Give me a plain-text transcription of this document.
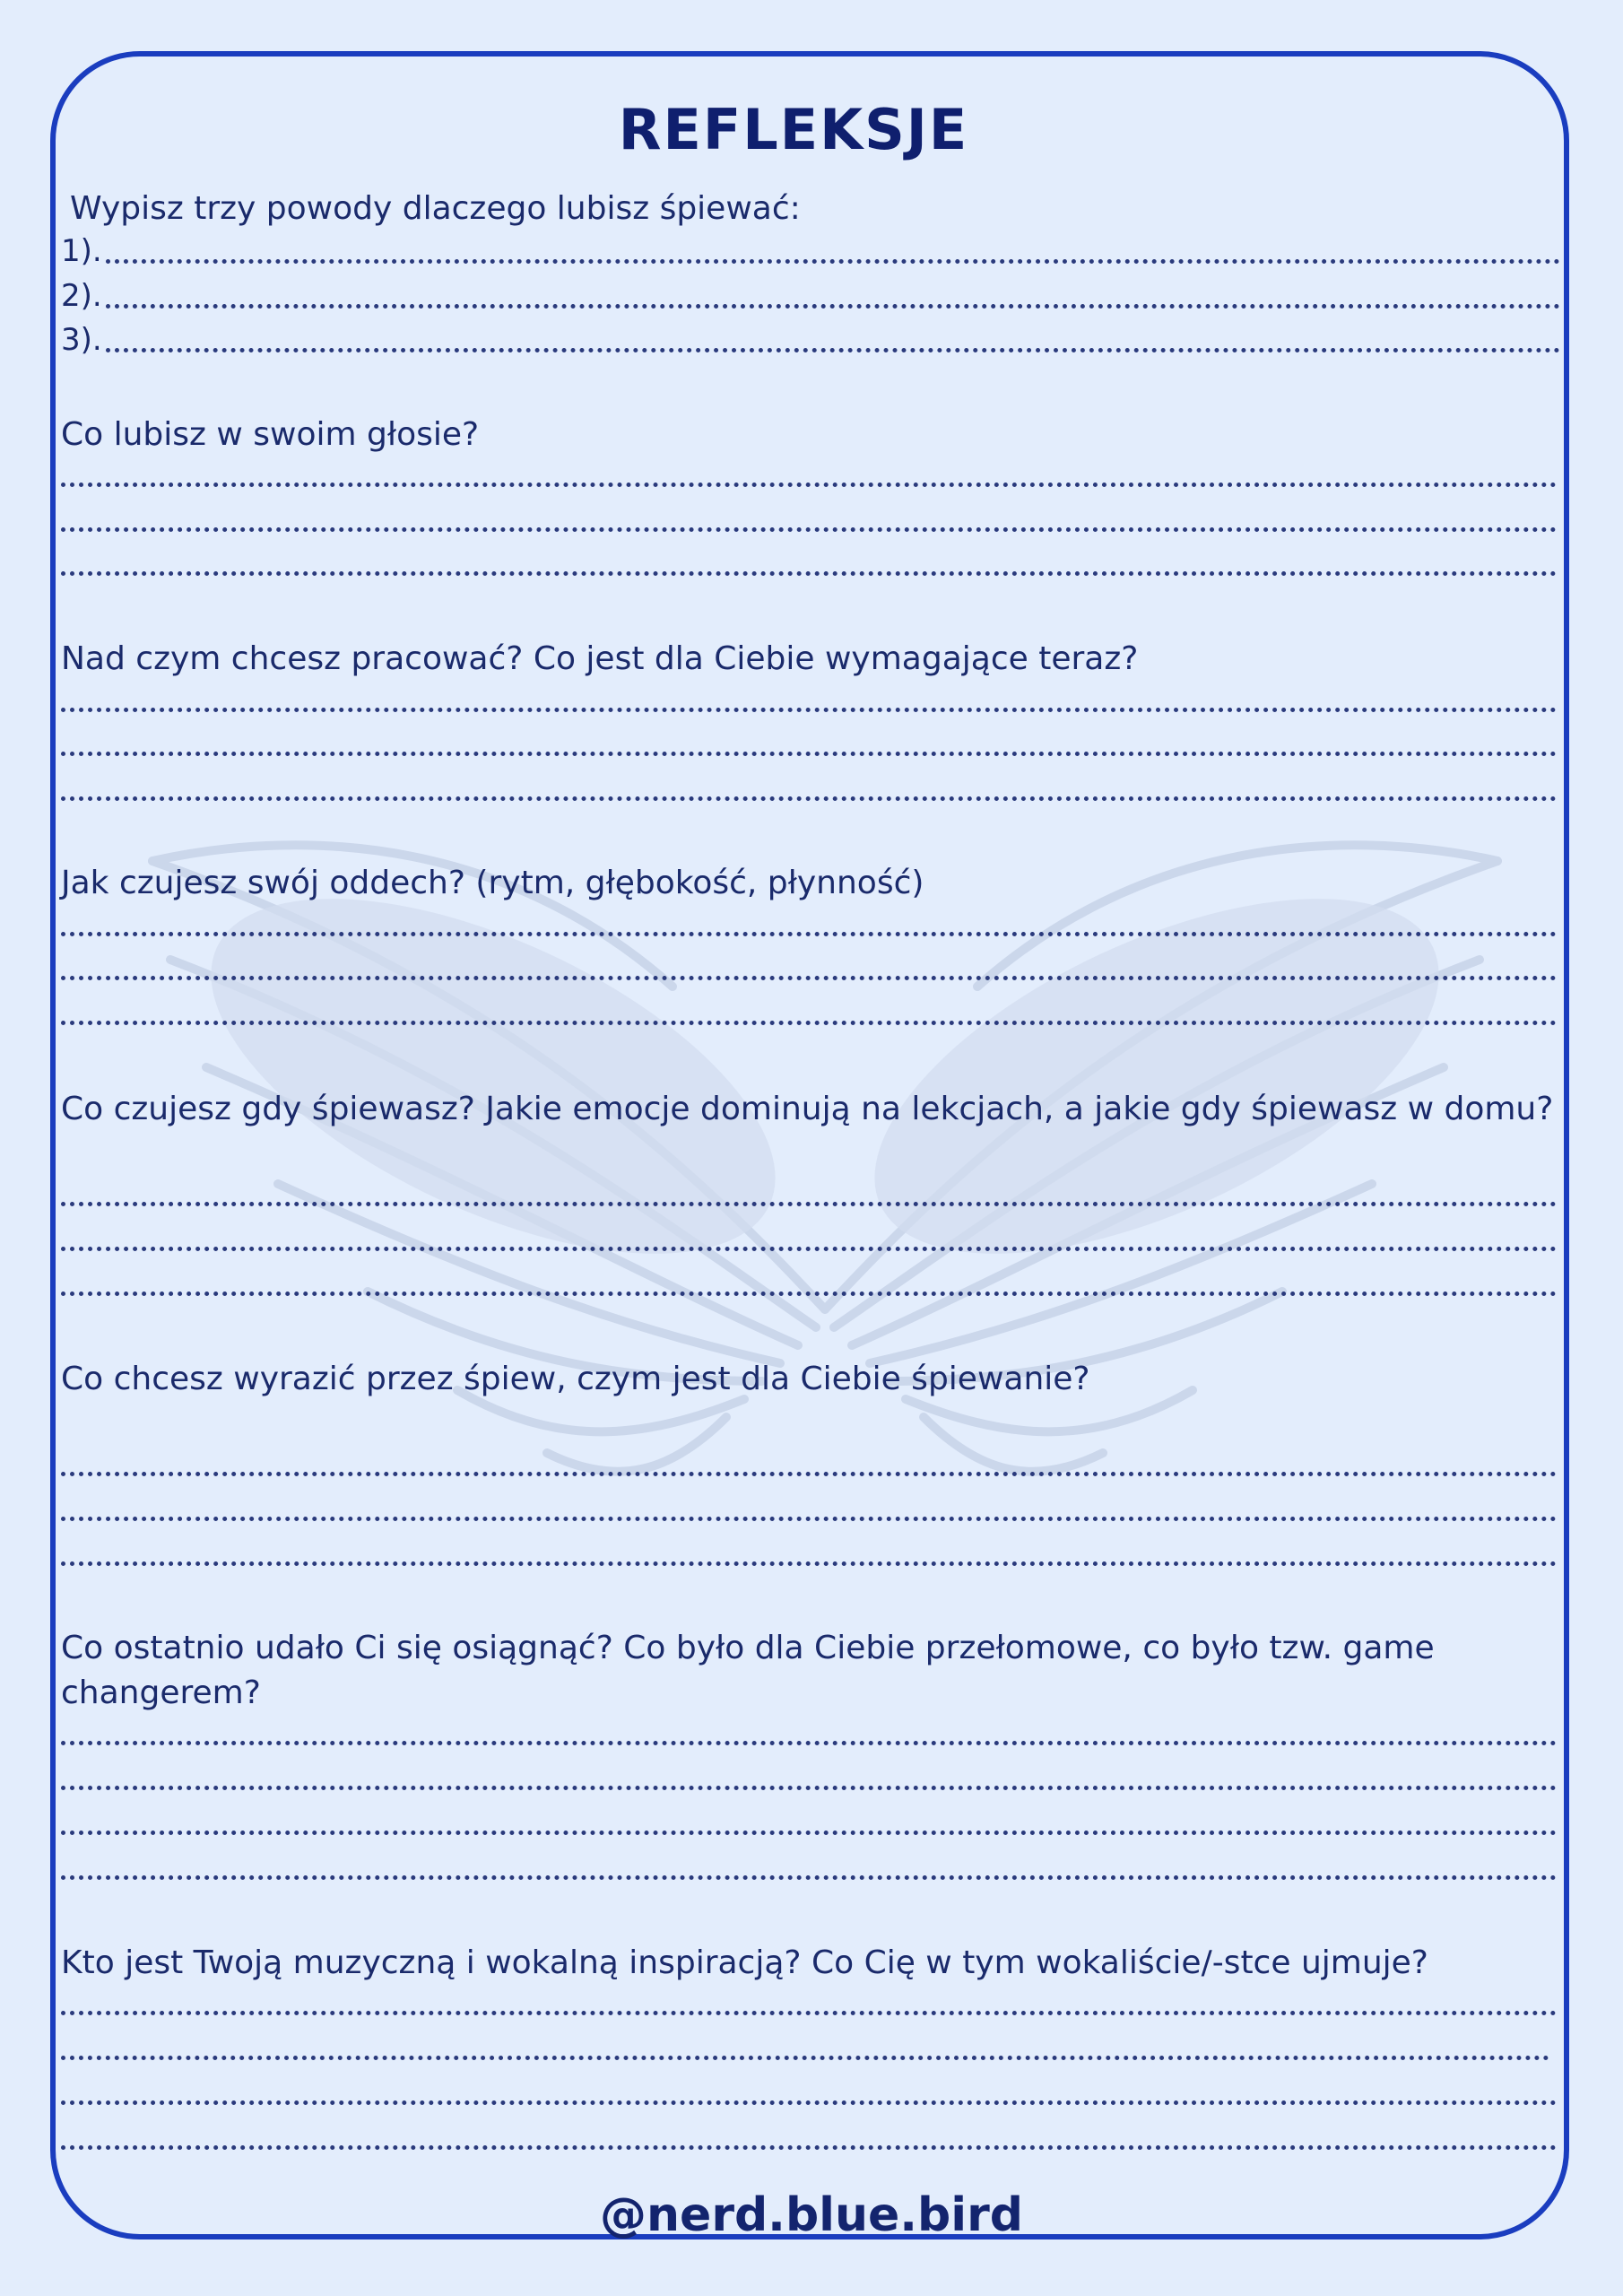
REFLEKSJE
Wypisz trzy powody dlaczego lubisz śpiewać:
1).
2).
3).
Co lubisz w swoim głosie?
Nad czym chcesz pracować? Co jest dla Ciebie wymagające teraz?
Jak czujesz swój oddech? (rytm, głębokość, płynność)
Co czujesz gdy śpiewasz? Jakie emocje dominują na lekcjach, a jakie gdy śpiewasz w domu?
Co chcesz wyrazić przez śpiew, czym jest dla Ciebie śpiewanie?
Co ostatnio udało Ci się osiągnąć? Co było dla Ciebie przełomowe, co było tzw. game changerem?
Kto jest Twoją muzyczną i wokalną inspiracją? Co Cię w tym wokaliście/-stce ujmuje?
@nerd.blue.bird
